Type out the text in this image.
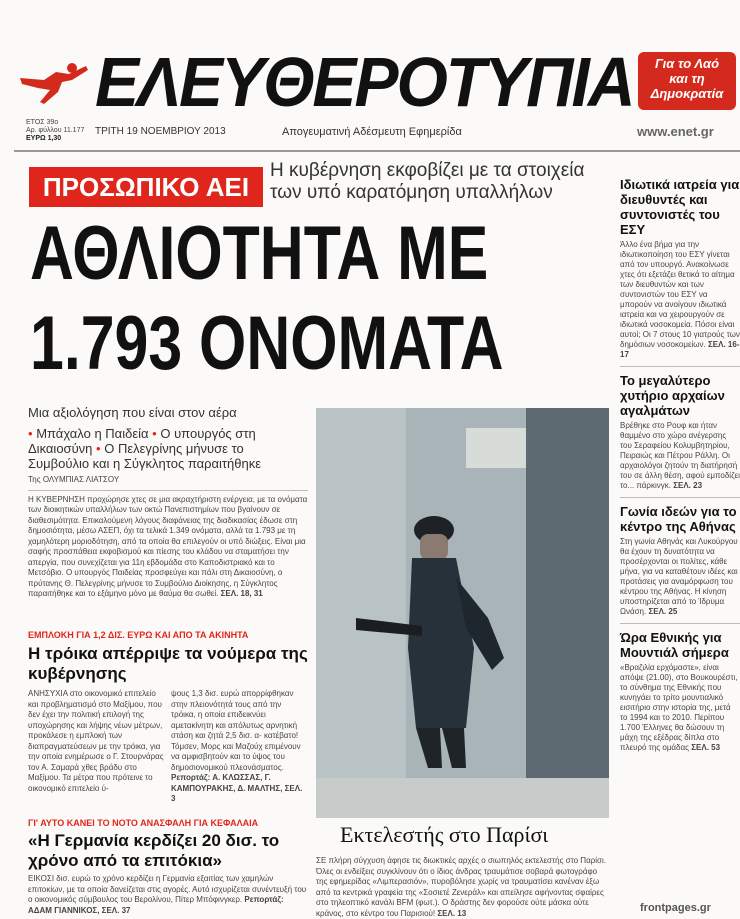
ΕΛΕΥΘΕΡΟΤΥΠΙΑ	Για το Λαό
και τη
Δημοκρατία
ΕΤΟΣ 39ο
Αρ. φύλλου 11.177
ΕΥΡΩ 1,30
ΤΡΙΤΗ 19 ΝΟΕΜΒΡΙΟΥ 2013	Απογευματινή Αδέσμευτη Εφημερίδα	www.enet.gr
ΠΡΟΣΩΠΙΚΟ ΑΕΙ
Η κυβέρνηση εκφοβίζει με τα στοιχεία των υπό καρατόμηση υπαλλήλων
ΑΘΛΙΟΤΗΤΑ ΜΕ
1.793 ΟΝΟΜΑΤΑ
Μια αξιολόγηση που είναι στον αέρα
• Μπάχαλο η Παιδεία • Ο υπουργός στη Δικαιοσύνη • Ο Πελεγρίνης μήνυσε το Συμβούλιο και η Σύγκλητος παραιτήθηκε
Της ΟΛΥΜΠΙΑΣ ΛΙΑΤΣΟΥ
Η ΚΥΒΕΡΝΗΣΗ προχώρησε χτες σε μια ακραχτήριστη ενέργεια, με τα ονόματα των διοικητικών υπαλλήλων των οκτώ Πανεπιστημίων που βγαίνουν σε διαθεσιμότητα. Επικαλούμενη λόγους διαφάνειας της διαδικασίας έδωσε στη δημοσιότητα, μέσω ΑΣΕΠ, όχι τα τελικά 1.349 ονόματα, αλλά τα 1.793 με τη χαμηλότερη μοριοδότηση, από τα οποία θα επιλεγούν οι υπό διώξεις. Είναι μια σαφής προσπάθεια εκφοβισμού και πίεσης του κλάδου να σταματήσει την απεργία, που συνεχίζεται για 11η εβδομάδα στο Καποδιστριακό και το Μετσόβιο. Ο υπουργός Παιδείας προσφεύγει και πάλι στη Δικαιοσύνη, ο πρύτανης Θ. Πελεγρίνης μήνυσε το Συμβούλιο Διοίκησης, η Σύγκλητος παραιτήθηκε και το εξάμηνο μόνο με θαύμα θα σωθεί. ΣΕΛ. 18, 31
ΕΜΠΛΟΚΗ ΓΙΑ 1,2 ΔΙΣ. ΕΥΡΩ ΚΑΙ ΑΠΟ ΤΑ ΑΚΙΝΗΤΑ
Η τρόικα απέρριψε τα νούμερα της κυβέρνησης
ΑΝΗΣΥΧΙΑ στο οικονομικό επιτελείο και προβληματισμό στο Μαξίμου, που δεν έχει την πολιτική επιλογή της υποχώρησης και λήψης νέων μέτρων, προκάλεσε η εμπλοκή των διαπραγματεύσεων με την τρόικα, για την οποία ενημέρωσε ο Γ. Στουρνάρας τον Α. Σαμαρά χθες βράδυ στο Μαξίμου. Τα μέτρα που πρότεινε το οικονομικό επιτελείο ύ-
ψους 1,3 δισ. ευρώ απορρίφθηκαν στην πλειονότητά τους από την τρόικα, η οποία επιδεικνύει αμετακίνητη και απόλυτως αρνητική στάση και ζητά 2,5 δισ. α- κατέβατο! Τόμσεν, Μορς και Μαζούχ επιμένουν να αμφισβητούν και το ύψος του δημοσιονομικού πλεονάσματος. Ρεπορτάζ: Α. ΚΛΩΣΣΑΣ, Γ. ΚΑΜΠΟΥΡΑΚΗΣ, Δ. ΜΑΛΤΗΣ, ΣΕΛ. 3
ΓΙ' ΑΥΤΟ ΚΑΝΕΙ ΤΟ ΝΟΤΟ ΑΝΑΣΦΑΛΗ ΓΙΑ ΚΕΦΑΛΑΙΑ
«Η Γερμανία κερδίζει 20 δισ. το χρόνο από τα επιτόκια»
ΕΙΚΟΣΙ δισ. ευρώ το χρόνο κερδίζει η Γερμανία εξαιτίας των χαμηλών επιτοκίων, με τα οποία δανείζεται στις αγορές. Αυτό ισχυρίζεται συνέντευξή του ο οικονομικός σύμβουλος του Βερολίνου, Πίτερ Μπόφινγκερ. Ρεπορτάζ: ΑΔΑΜ ΓΙΑΝΝΙΚΟΣ, ΣΕΛ. 37
Εκτελεστής στο Παρίσι
ΣΕ πλήρη σύγχυση άφησε τις διωκτικές αρχές ο σιωπηλός εκτελεστής στο Παρίσι. Όλες οι ενδείξεις συγκλίνουν ότι ο ίδιος άνδρας τραυμάτισε σοβαρά φωτογράφο της εφημερίδας «Λιμπερασιόν», πυροβόλησε χωρίς να τραυματίσει κανέναν έξω από τα κεντρικά γραφεία της «Σοσιετέ Ζενεράλ» και απείλησε αφήνοντας σφαίρες στο τηλεοπτικό κανάλι BFM (φωτ.). Ο δράστης δεν φορούσε ούτε μάσκα ούτε κράνος, στο κέντρο του Παρισιού! ΣΕΛ. 13
Ιδιωτικά ιατρεία για διευθυντές και συντονιστές του ΕΣΥ
Άλλο ένα βήμα για την ιδιωτικοποίηση του ΕΣΥ γίνεται από τον υπουργό. Ανακοίνωσε χτες ότι εξετάζει θετικά το αίτημα των διευθυντών και των συντονιστών του ΕΣΥ να μπορούν να ανοίγουν ιδιωτικά ιατρεία και να χειρουργούν σε ιδιωτικά νοσοκομεία. Πόσοι είναι αυτοί; Οι 7 στους 10 γιατρούς των δημόσιων νοσοκομείων. ΣΕΛ. 16-17
Το μεγαλύτερο χυτήριο αρχαίων αγαλμάτων
Βρέθηκε στο Ρουφ και ήταν θαμμένο στο χώρο ανέγερσης του Σεραφείου Κολυμβητηρίου, Πειραιώς και Πέτρου Ράλλη. Οι αρχαιολόγοι ζητούν τη διατήρησή του σε άλλη θέση, αφού εμποδίζει το... πάρκινγκ. ΣΕΛ. 23
Γωνία ιδεών για το κέντρο της Αθήνας
Στη γωνία Αθηνάς και Λυκούργου θα έχουν τη δυνατότητα να προσέρχονται οι πολίτες, κάθε μήνα, για να καταθέτουν ιδέες και προτάσεις για αναμόρφωση του κέντρου της Αθήνας. Η κίνηση υποστηρίζεται από το Ίδρυμα Ωνάση. ΣΕΛ. 25
Ώρα Εθνικής για Μουντιάλ σήμερα
«Βραζιλία ερχόμαστε», είναι απόψε (21.00), στο Βουκουρέστι, το σύνθημα της Εθνικής που κυνηγάει το τρίτο μουντιαλικό εισιτήριο στην ιστορία της, μετά το 1994 και το 2010. Περίπου 1.700 Έλληνες θα δώσουν τη μάχη της εξέδρας δίπλα στο πλευρό της ομάδας ΣΕΛ. 53
frontpages.gr
